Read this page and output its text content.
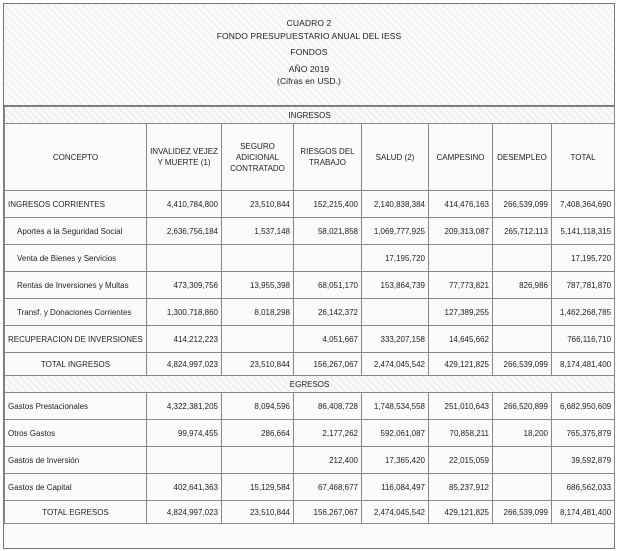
CUADRO 2
FONDO PRESUPUESTARIO ANUAL DEL IESS
FONDOS
AÑO 2019
(Cifras en USD.)
INGRESOS							
CONCEPTO	INVALIDEZ VEJEZ Y MUERTE (1)	SEGURO ADICIONAL CONTRATADO	RIESGOS DEL TRABAJO	SALUD (2)	CAMPESINO	DESEMPLEO	TOTAL
INGRESOS CORRIENTES	4,410,784,800	23,510,844	152,215,400	2,140,838,384	414,476,163	266,539,099	7,408,364,690
Aportes a la Seguridad Social	2,636,756,184	1,537,148	58,021,858	1,069,777,925	209,313,087	265,712,113	5,141,118,315
Venta de Bienes y Servicios				17,195,720			17,195,720
Rentas de Inversiones y Multas	473,309,756	13,955,398	68,051,170	153,864,739	77,773,821	826,986	787,781,870
Transf. y Donaciones Corrientes	1,300,718,860	8,018,298	26,142,372		127,389,255		1,462,268,785
RECUPERACION DE INVERSIONES	414,212,223		4,051,667	333,207,158	14,645,662		766,116,710
TOTAL INGRESOS	4,824,997,023	23,510,844	156,267,067	2,474,045,542	429,121,825	266,539,099	8,174,481,400
EGRESOS							
Gastos Prestacionales	4,322,381,205	8,094,596	86,408,728	1,748,534,558	251,010,643	266,520,899	6,682,950,609
Otros Gastos	99,974,455	286,664	2,177,262	592,061,087	70,858,211	18,200	765,375,879
Gastos de Inversión			212,400	17,365,420	22,015,059		39,592,879
Gastos de Capital	402,641,363	15,129,584	67,468,677	116,084,497	85,237,912		686,562,033
TOTAL EGRESOS	4,824,997,023	23,510,844	156,267,067	2,474,045,542	429,121,825	266,539,099	8,174,481,400
